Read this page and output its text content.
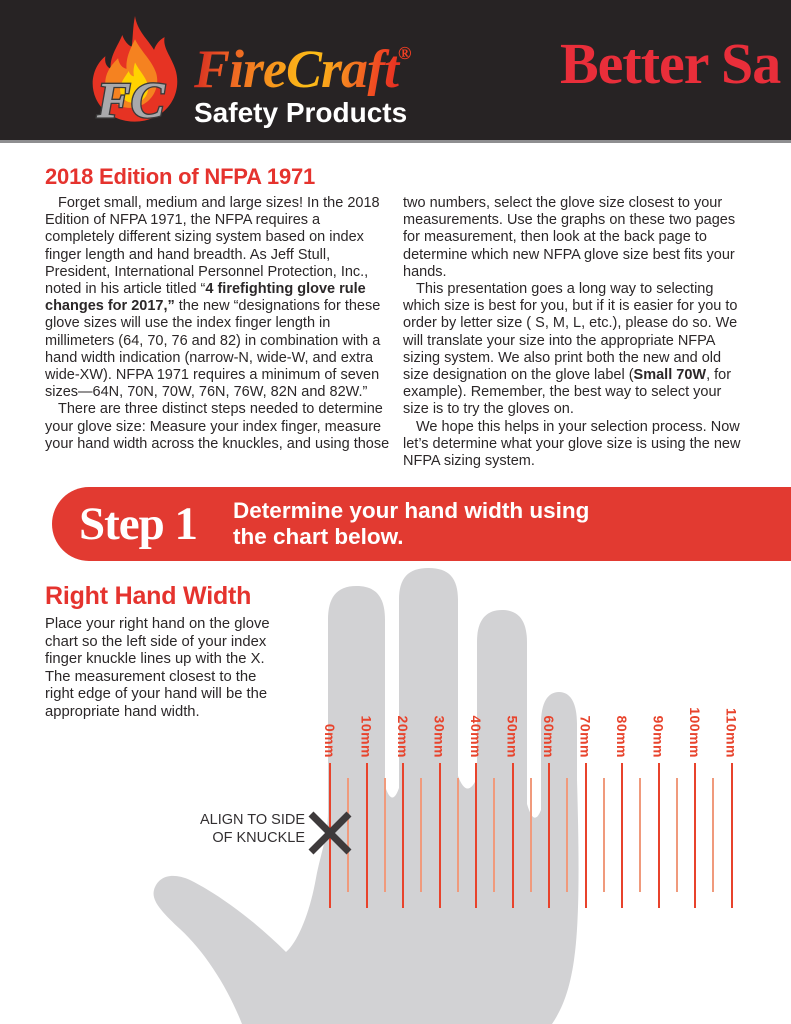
FC
FireCraft®
Safety Products
Better Sa
2018 Edition of NFPA 1971

Forget small, medium and large sizes! In the 2018 Edition of NFPA 1971, the NFPA requires a completely different sizing system based on index finger length and hand breadth. As Jeff Stull, President, International Personnel Protection, Inc., noted in his article titled “4 firefighting glove rule changes for 2017,” the new “designations for these glove sizes will use the index finger length in millimeters (64, 70, 76 and 82) in combination with a hand width indication (narrow-N, wide-W, and extra wide-XW). NFPA 1971 requires a minimum of seven sizes—64N, 70N, 70W, 76N, 76W, 82N and 82W.”

There are three distinct steps needed to determine your glove size: Measure your index finger, measure your hand width across the knuckles, and using those

two numbers, select the glove size closest to your measurements. Use the graphs on these two pages for measurement, then look at the back page to determine which new NFPA glove size best fits your hands.

This presentation goes a long way to selecting which size is best for you, but if it is easier for you to order by letter size ( S, M, L, etc.), please do so. We will translate your size into the appropriate NFPA sizing system. We also print both the new and old size designation on the glove label (Small 70W, for example). Remember, the best way to select your size is to try the gloves on.

We hope this helps in your selection process. Now let’s determine what your glove size is using the new NFPA sizing system.

Step 1 Determine your hand width using
the chart below.
Right Hand Width

Place your right hand on the glove chart so the left side of your index finger knuckle lines up with the X. The measurement closest to the right edge of your hand will be the appropriate hand width.

0mm 10mm 20mm 30mm 40mm 50mm 60mm 70mm 80mm 90mm 100mm 110mm
ALIGN TO SIDE
OF KNUCKLE
